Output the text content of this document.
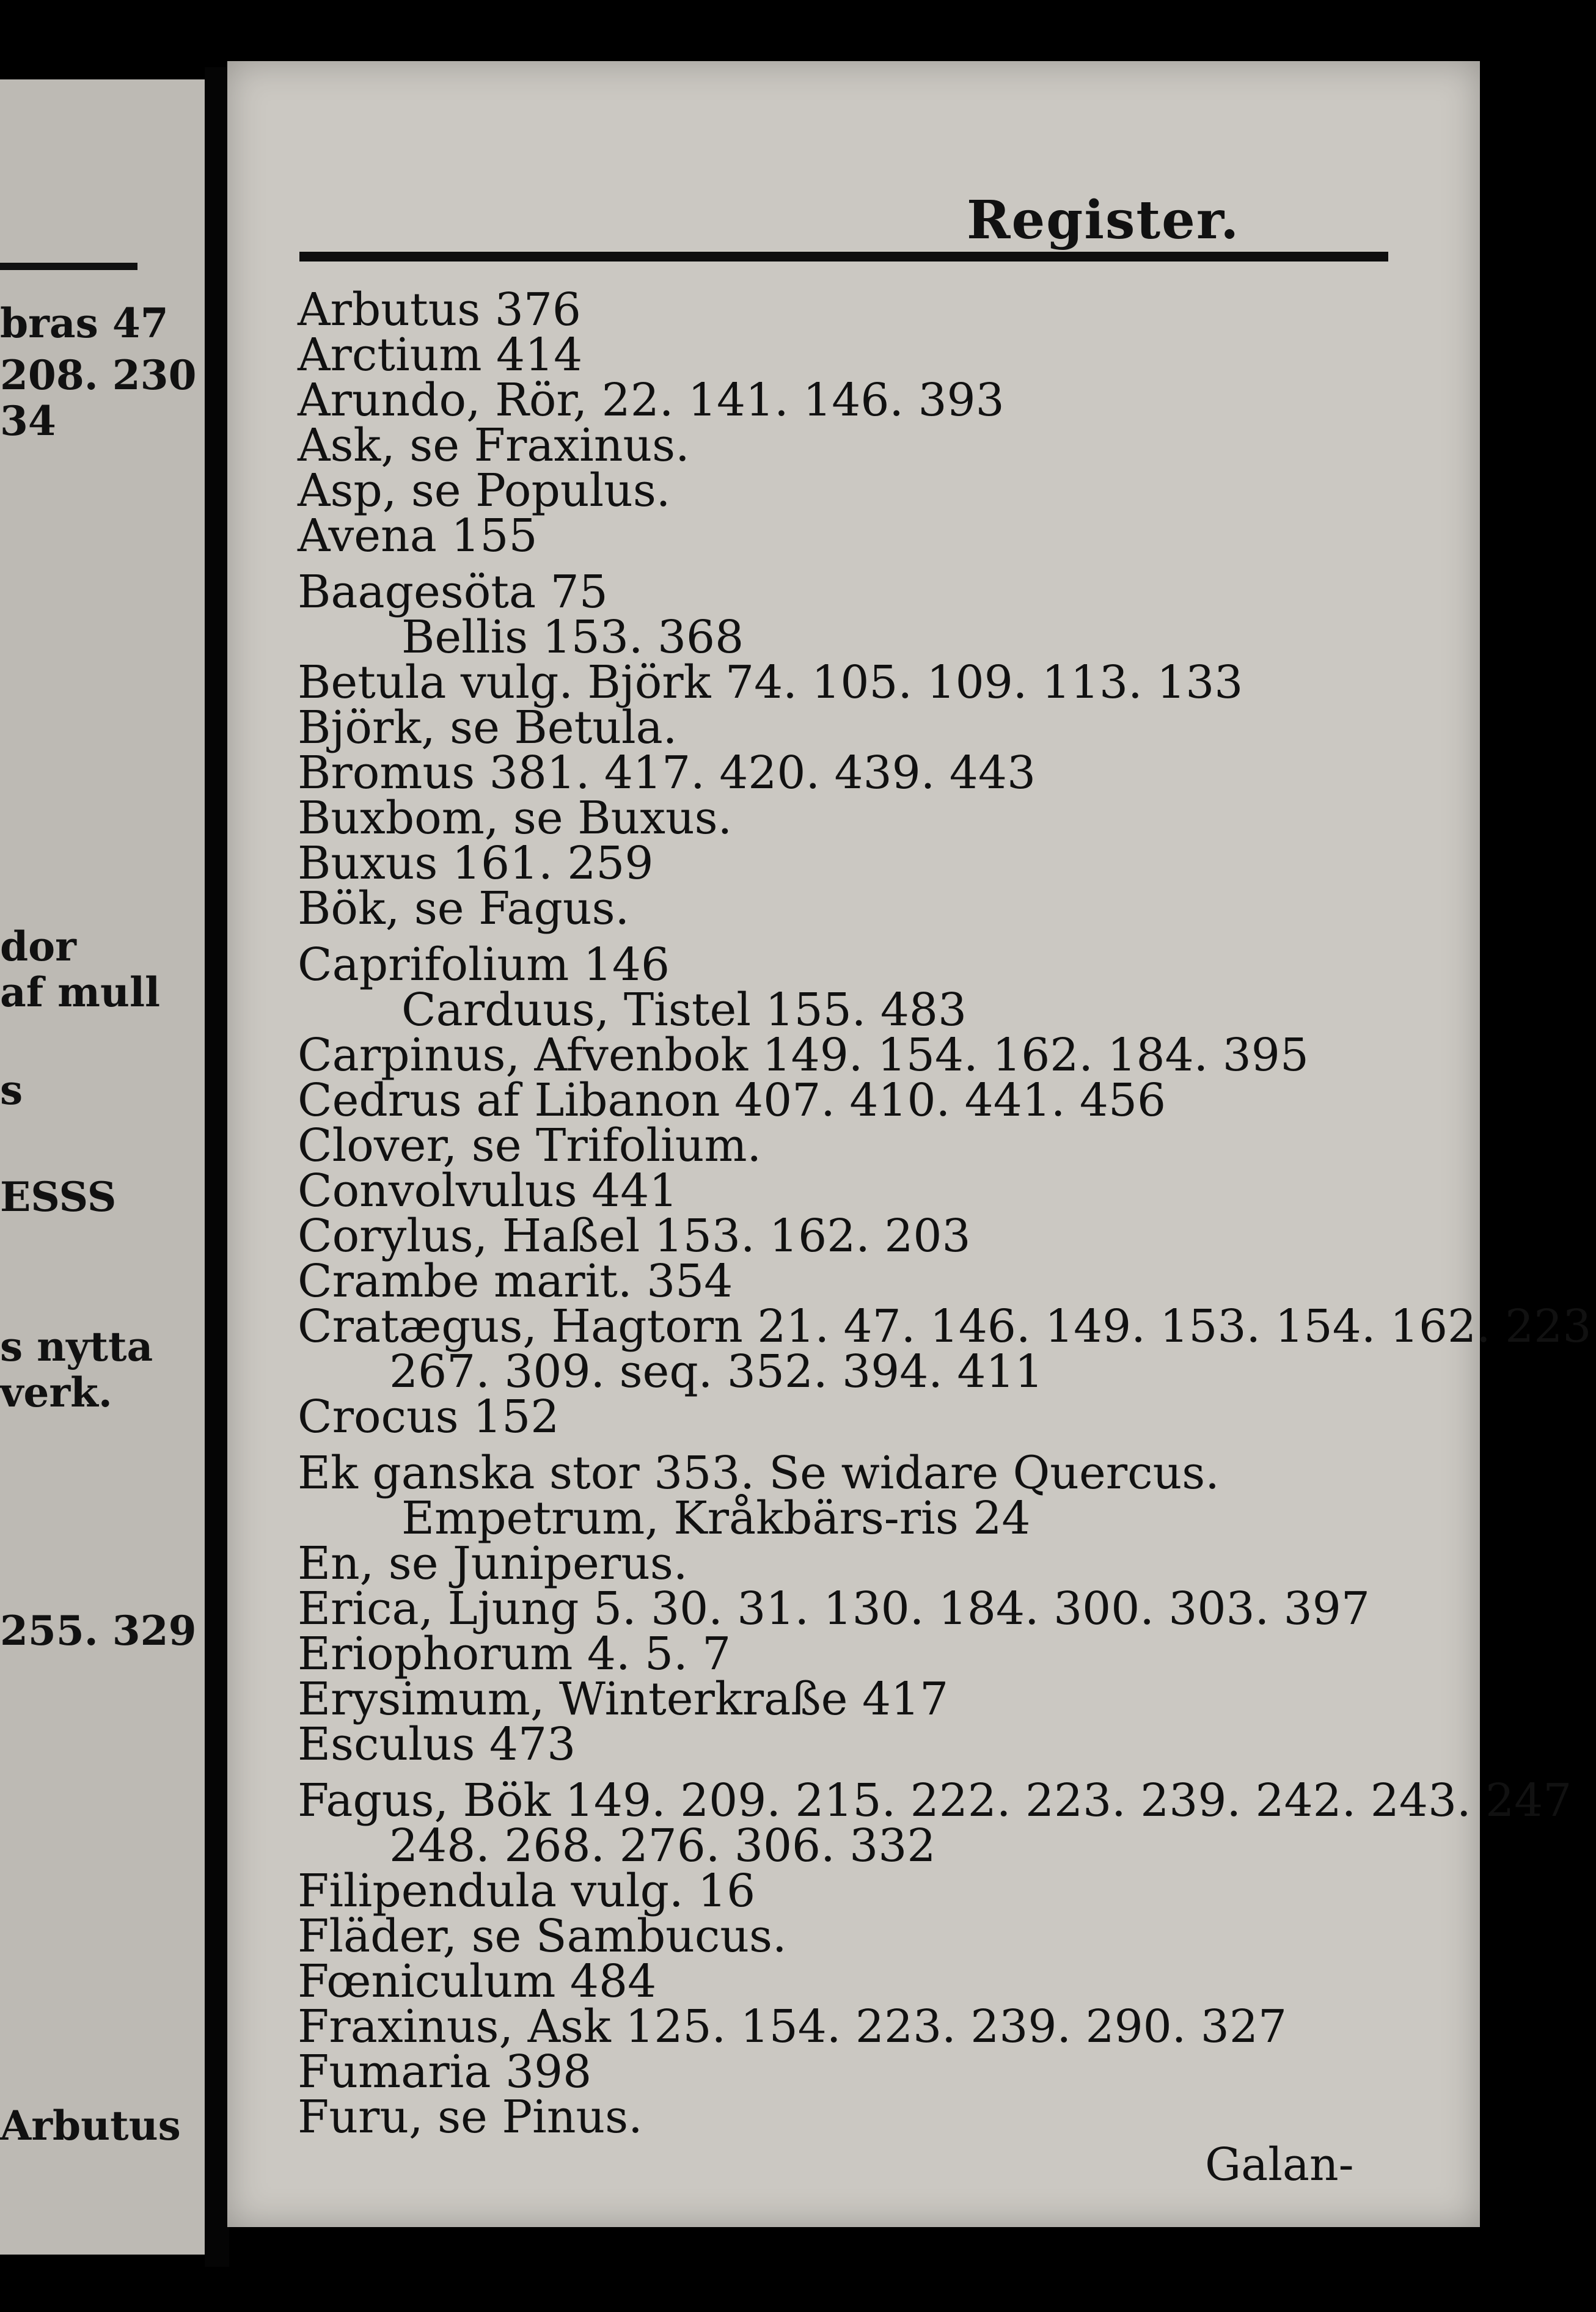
bras 47
208. 230
34
dor
af mull
s
ESSS
s nytta
verk.
255. 329
Arbutus
Register.
Arbutus 376
Arctium 414
Arundo, Rör, 22. 141. 146. 393
Ask, se Fraxinus.
Asp, se Populus.
Avena 155
Baagesöta 75
Bellis 153. 368
Betula vulg. Björk 74. 105. 109. 113. 133
Björk, se Betula.
Bromus 381. 417. 420. 439. 443
Buxbom, se Buxus.
Buxus 161. 259
Bök, se Fagus.
Caprifolium 146
Carduus, Tistel 155. 483
Carpinus, Afvenbok 149. 154. 162. 184. 395
Cedrus af Libanon 407. 410. 441. 456
Clover, se Trifolium.
Convolvulus 441
Corylus, Haßel 153. 162. 203
Crambe marit. 354
Cratægus, Hagtorn 21. 47. 146. 149. 153. 154. 162. 223
267. 309. seq. 352. 394. 411
Crocus 152
Ek ganska stor 353. Se widare Quercus.
Empetrum, Kråkbärs-ris 24
En, se Juniperus.
Erica, Ljung 5. 30. 31. 130. 184. 300. 303. 397
Eriophorum 4. 5. 7
Erysimum, Winterkraße 417
Esculus 473
Fagus, Bök 149. 209. 215. 222. 223. 239. 242. 243. 247
248. 268. 276. 306. 332
Filipendula vulg. 16
Fläder, se Sambucus.
Fœniculum 484
Fraxinus, Ask 125. 154. 223. 239. 290. 327
Fumaria 398
Furu, se Pinus.
Galan-
